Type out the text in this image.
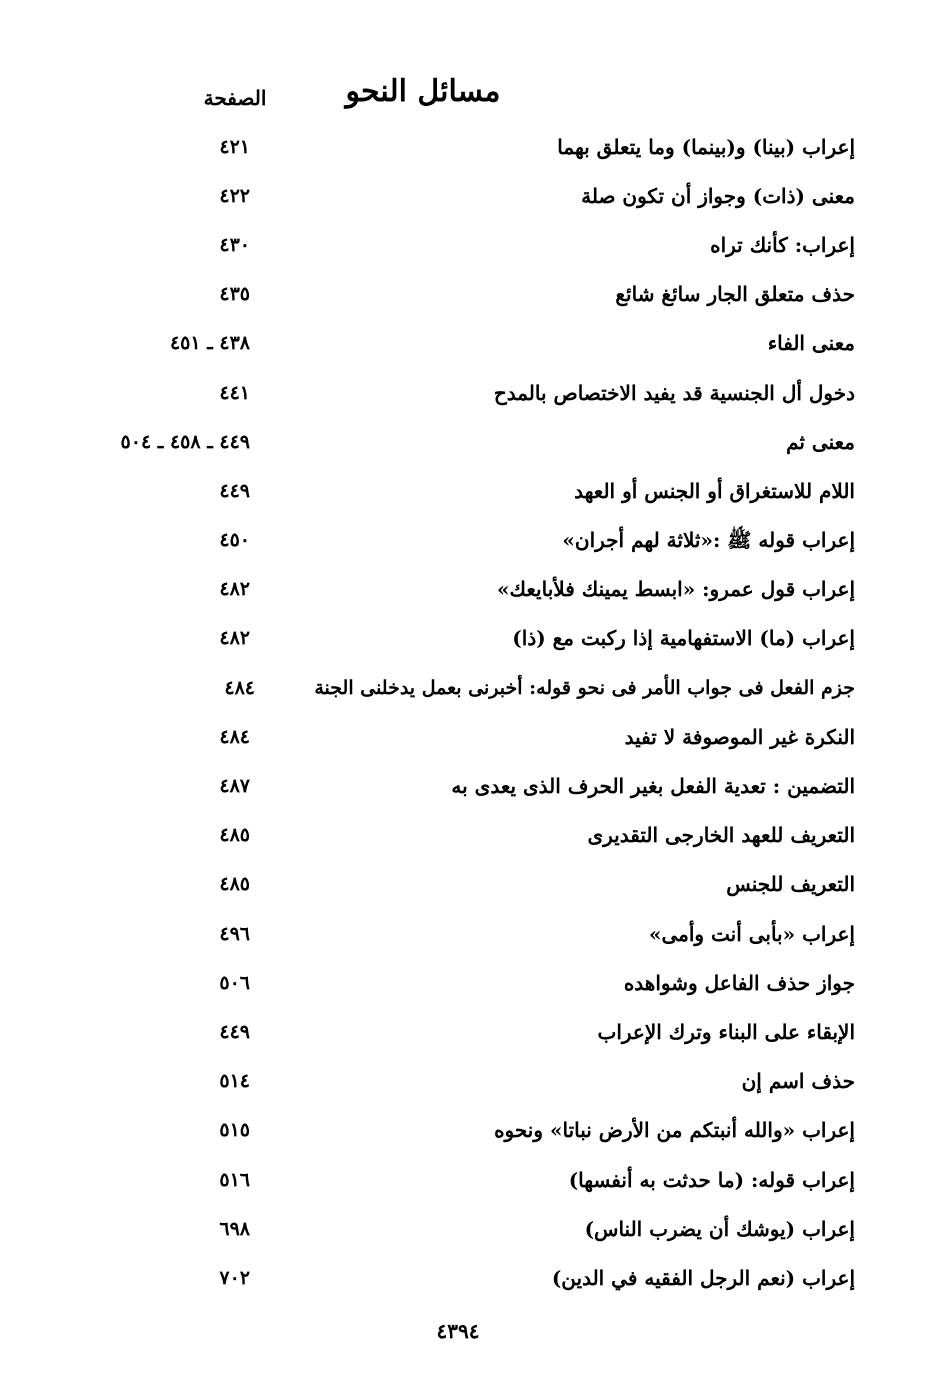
مسائل النحو
الصفحة
إعراب (بينا) و(بينما) وما يتعلق بهما
٤٢١
معنى (ذات) وجواز أن تكون صلة
٤٢٢
إعراب: كأنك تراه
٤٣٠
حذف متعلق الجار سائغ شائع
٤٣٥
معنى الفاء
٤٣٨ ـ ٤٥١
دخول أل الجنسية قد يفيد الاختصاص بالمدح
٤٤١
معنى ثم
٤٤٩ ـ ٤٥٨ ـ ٥٠٤
اللام للاستغراق أو الجنس أو العهد
٤٤٩
إعراب قوله ﷺ :«ثلاثة لهم أجران»
٤٥٠
إعراب قول عمرو: «ابسط يمينك فلأبايعك»
٤٨٢
إعراب (ما) الاستفهامية إذا ركبت مع (ذا)
٤٨٢
جزم الفعل فى جواب الأمر فى نحو قوله: أخبرنى بعمل يدخلنى الجنة
٤٨٤
النكرة غير الموصوفة لا تفيد
٤٨٤
التضمين : تعدية الفعل بغير الحرف الذى يعدى به
٤٨٧
التعريف للعهد الخارجى التقديرى
٤٨٥
التعريف للجنس
٤٨٥
إعراب «بأبى أنت وأمى»
٤٩٦
جواز حذف الفاعل وشواهده
٥٠٦
الإبقاء على البناء وترك الإعراب
٤٤٩
حذف اسم إن
٥١٤
إعراب «والله أنبتكم من الأرض نباتا» ونحوه
٥١٥
إعراب قوله: (ما حدثت به أنفسها)
٥١٦
إعراب (يوشك أن يضرب الناس)
٦٩٨
إعراب (نعم الرجل الفقيه في الدين)
٧٠٢
٤٣٩٤
